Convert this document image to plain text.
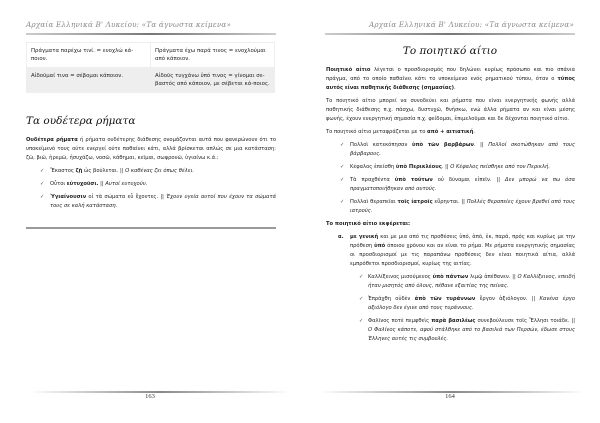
Αρχαία Ελληνικά Β' Λυκείου: «Τα άγνωστα κείμενα»
Πράγματα παρέχω τινί. = ενοχλώ κά-ποιον.	Πράγματα έχω παρά τινος = ενοχλούμαι από κάποιον.
Αἰδοῦμαί τινα = σέβομαι κάποιον.	Αἰδοῦς τυγχάνω ὑπό τινος = γίνομαι σε-βαστός από κάποιον, με σέβεται κά-ποιος.
Τα ουδέτερα ρήματα

Ουδέτερα ρήματα ή ρήματα ουδέτερης διάθεσης ονομάζονται αυτά που φανερώνουν ότι το υποκείμενό τους ούτε ενεργεί ούτε παθαίνει κάτι, αλλά βρίσκεται απλώς σε μια κατάσταση: ζῶ, βιῶ, ἠρεμῶ, ἡσυχάζω, νοσῶ, κάθημαι, κεῖμαι, σωφρονῶ, ὑγιαίνω κ.ά.:

✓ Ἕκαστος ζῇ ὡς βούλεται. || Ο καθένας ζει όπως θέλει.
✓ Οὗτοι εὐτυχοῦσι. || Αυτοί ευτυχούν.
✓ Ὑγιαίνουσιν οἱ τὰ σώματα εὖ ἔχοντες. || Έχουν υγεία αυτοί που έχουν τα σώματά τους σε καλή κατάσταση.
163
Αρχαία Ελληνικά Β' Λυκείου: «Τα άγνωστα κείμενα»
Το ποιητικό αίτιο

Ποιητικό αίτιο λέγεται ο προσδιορισμός που δηλώνει κυρίως πρόσωπο και πιο σπάνια πράγμα, από το οποίο παθαίνει κάτι το υποκείμενο ενός ρηματικού τύπου, όταν ο τύπος αυτός είναι παθητικής διάθεσης (σημασίας).

Το ποιητικό αίτιο μπορεί να συνοδεύει και ρήματα που είναι ενεργητικής φωνής αλλά παθητικής διάθεσης π.χ. πάσχω, δυστυχῶ, θνήσκω, ενώ άλλα ρήματα αν και είναι μέσης φωνής, έχουν ενεργητική σημασία π.χ. φείδομαι, ἐπιμελοῦμαι και δε δέχονται ποιητικό αίτιο.

Το ποιητικό αίτιο μεταφράζεται με το από + αιτιατική.

✓ Πολλοὶ κατεκόπησαν ὑπὸ τῶν βαρβάρων. || Πολλοί σκοτώθηκαν από τους βάρβαρους.
✓ Κέφαλος ἐπείσθη ὑπὸ Περικλέους. || Ο Κέφαλος πείσθηκε από τον Περικλή.
✓ Τὰ πραχθέντα ὑπὸ τούτων οὐ δύναμαι εἰπεῖν. || Δεν μπορώ να πω όσα πραγματοποιήθηκαν από αυτούς.
✓ Πολλαὶ θεραπεῖαι τοῖς ἰατροῖς εὕρηνται. || Πολλές θεραπείες έχουν βρεθεί από τους ιατρούς.

Το ποιητικό αίτιο εκφέρεται:

α. με γενική και με μια από τις προθέσεις ὑπό, ἀπό, ἐκ, παρά, πρός και κυρίως με την πρόθεση ὑπό όποιου χρόνου και αν είναι το ρήμα. Με ρήματα ενεργητικής σημασίας οι προσδιορισμοί με τις παραπάνω προθέσεις δεν είναι ποιητικά αίτια, αλλά εμπρόθετοι προσδιορισμοί, κυρίως της αιτίας.
✓ Καλλίξεινος μισούμενος ὑπὸ πάντων λιμῷ ἀπέθανεν. || Ο Καλλίξεινος, επειδή ήταν μισητός από όλους, πέθανε εξαιτίας της πείνας.
✓ Ἐπράχθη οὐδὲν ἀπὸ τῶν τυράννων ἔργον ἀξιόλογον. || Κανένα έργο αξιόλογο δεν έγινε από τους τυράννους.
✓ Φαλῖνος ποτὲ πεμφθεὶς παρὰ βασιλέως συνεβούλευσε τοῖς Ἕλλησι τοιάδε. || Ο Φαλίνος κάποτε, αφού στάλθηκε από το βασιλιά των Περσών, έδωσε στους Έλληνες αυτές τις συμβουλές.
164
